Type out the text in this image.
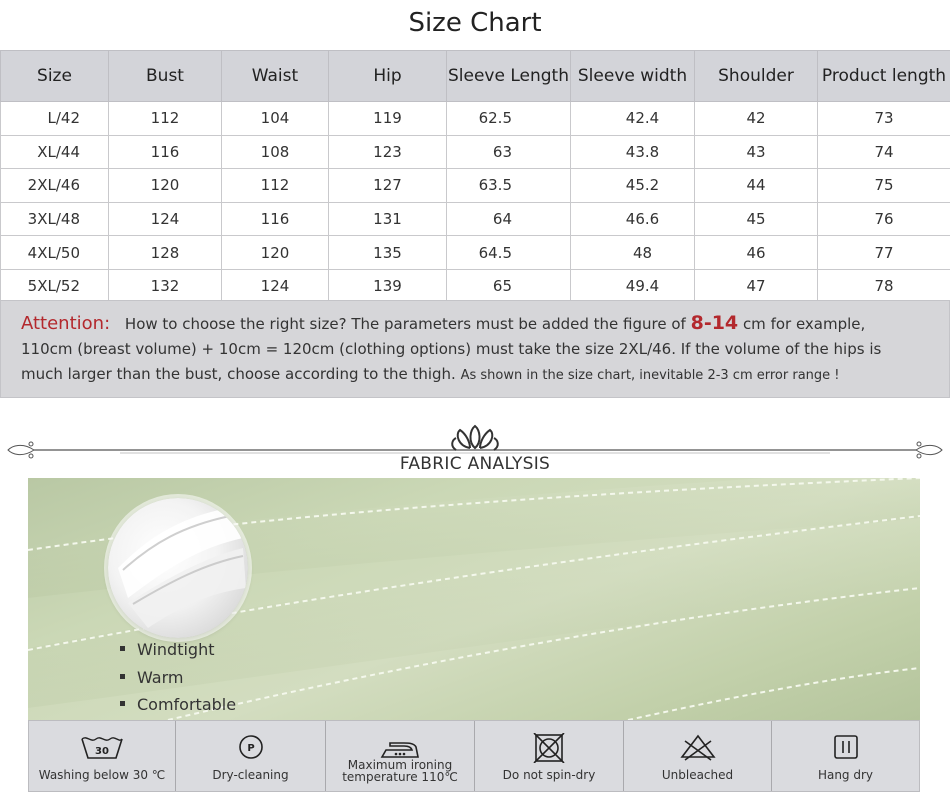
Size Chart
Size	Bust	Waist	Hip	Sleeve Length	Sleeve width	Shoulder	Product length
L/42	112	104	119	62.5	42.4	42	73
XL/44	116	108	123	63	43.8	43	74
2XL/46	120	112	127	63.5	45.2	44	75
3XL/48	124	116	131	64	46.6	45	76
4XL/50	128	120	135	64.5	48	46	77
5XL/52	132	124	139	65	49.4	47	78
Attention: How to choose the right size? The parameters must be added the figure of 8-14 cm for example,
110cm (breast volume) + 10cm = 120cm (clothing options) must take the size 2XL/46. If the volume of the hips is
much larger than the bust, choose according to the thigh. As shown in the size chart, inevitable 2-3 cm error range !
FABRIC ANALYSIS
Windtight
Warm
Comfortable
30
Washing below 30 ℃
P
Dry-cleaning
Maximum ironing
temperature 110℃	Do not spin-dry	Unbleached	Hang dry
